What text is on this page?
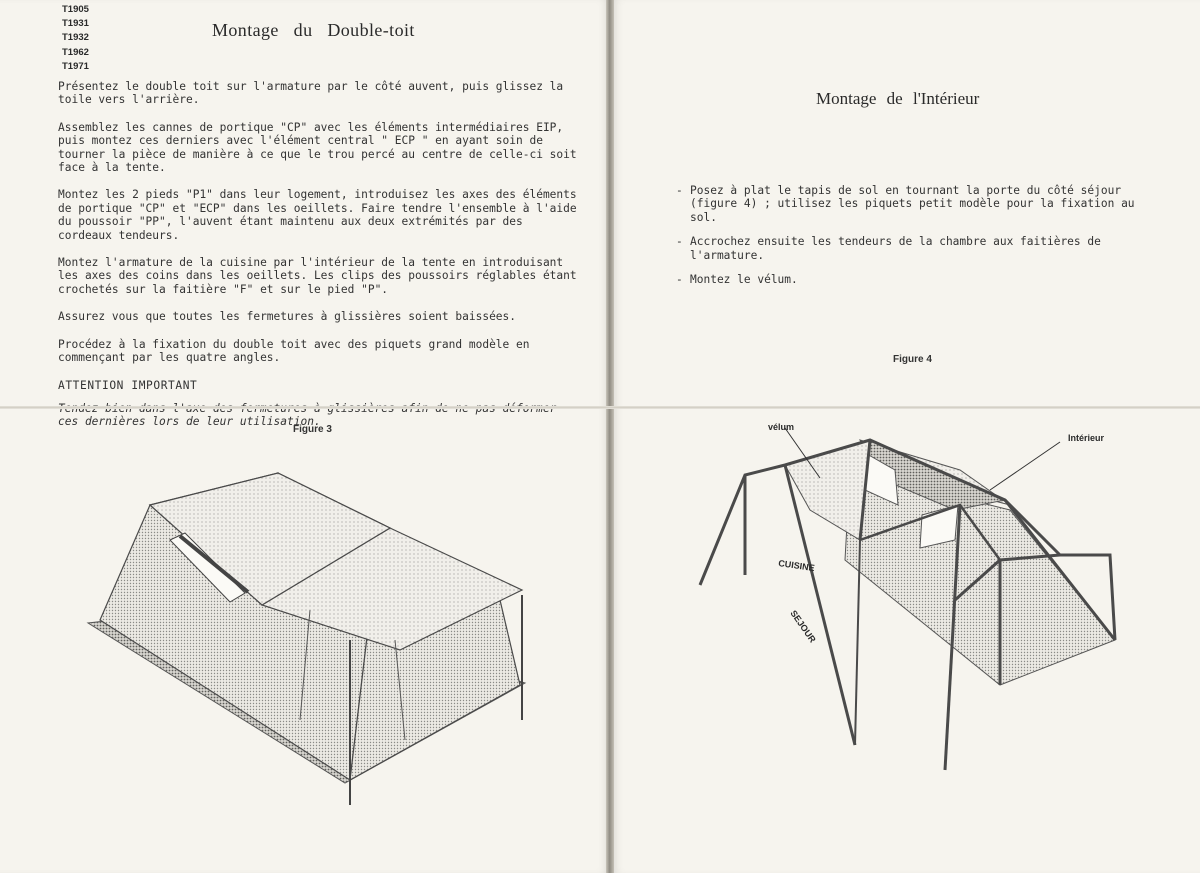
T1905
T1931
T1932
T1962
T1971
Montage du Double-toit

Présentez le double toit sur l'armature par le côté auvent, puis glissez la toile vers l'arrière.

Assemblez les cannes de portique "CP" avec les éléments intermédiaires EIP, puis montez ces derniers avec l'élément central " ECP " en ayant soin de tourner la pièce de manière à ce que le trou percé au centre de celle-ci soit face à la tente.

Montez les 2 pieds "P1" dans leur logement, introduisez les axes des éléments de portique "CP" et "ECP" dans les oeillets. Faire tendre l'ensemble à l'aide du poussoir "PP", l'auvent étant maintenu aux deux extrémités par des cordeaux tendeurs.

Montez l'armature de la cuisine par l'intérieur de la tente en introduisant les axes des coins dans les oeillets. Les clips des poussoirs réglables étant crochetés sur la faitière "F" et sur le pied "P".

Assurez vous que toutes les fermetures à glissières soient baissées.

Procédez à la fixation du double toit avec des piquets grand modèle en commençant par les quatre angles.

ATTENTION IMPORTANT

ces dernières lors de leur utilisation.

Figure 3
Montage de l'Intérieur
- Posez à plat le tapis de sol en tournant la porte du côté séjour (figure 4) ; utilisez les piquets petit modèle pour la fixation au sol.
- Accrochez ensuite les tendeurs de la chambre aux faitières de l'armature.
- Montez le vélum.
Figure 4
vélum
Intérieur
CUISINE
SEJOUR
